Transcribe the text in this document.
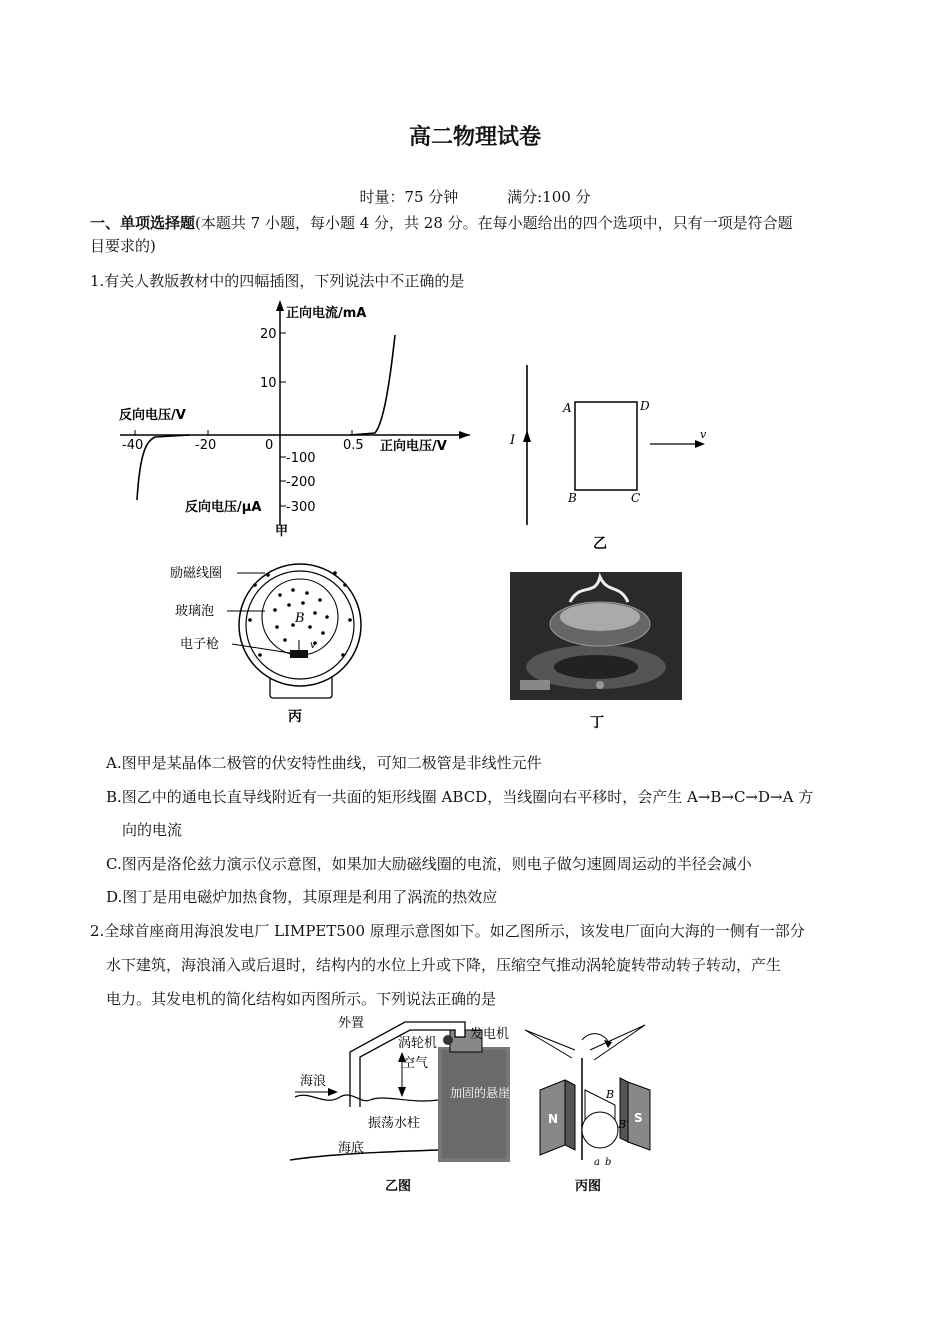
高二物理试卷
时量：75 分钟	满分:100 分
一、单项选择题(本题共 7 小题，每小题 4 分，共 28 分。在每小题给出的四个选项中，只有一项是符合题
目要求的)
1.有关人教版教材中的四幅插图，下列说法中不正确的是
正向电流/mA
20
10
反向电压/V
-40	-20	0	0.5 正向电压/V
-100
-200
-300
反向电压/μA
甲
I
A	D
B	C
v
乙
B
v
励磁线圈
玻璃泡
电子枪
丙	丁
A.图甲是某晶体二极管的伏安特性曲线，可知二极管是非线性元件
B.图乙中的通电长直导线附近有一共面的矩形线圈 ABCD，当线圈向右平移时，会产生 A→B→C→D→A 方
向的电流
C.图丙是洛伦兹力演示仪示意图，如果加大励磁线圈的电流，则电子做匀速圆周运动的半径会减小
D.图丁是用电磁炉加热食物，其原理是利用了涡流的热效应
2.全球首座商用海浪发电厂 LIMPET500 原理示意图如下。如乙图所示，该发电厂面向大海的一侧有一部分
水下建筑，海浪涌入或后退时，结构内的水位上升或下降，压缩空气推动涡轮旋转带动转子转动，产生
电力。其发电机的简化结构如丙图所示。下列说法正确的是
加固的悬崖
外置
涡轮机
发电机
空气
海浪
振荡水柱
海底
乙图
N	S
B
B'
a b
丙图
